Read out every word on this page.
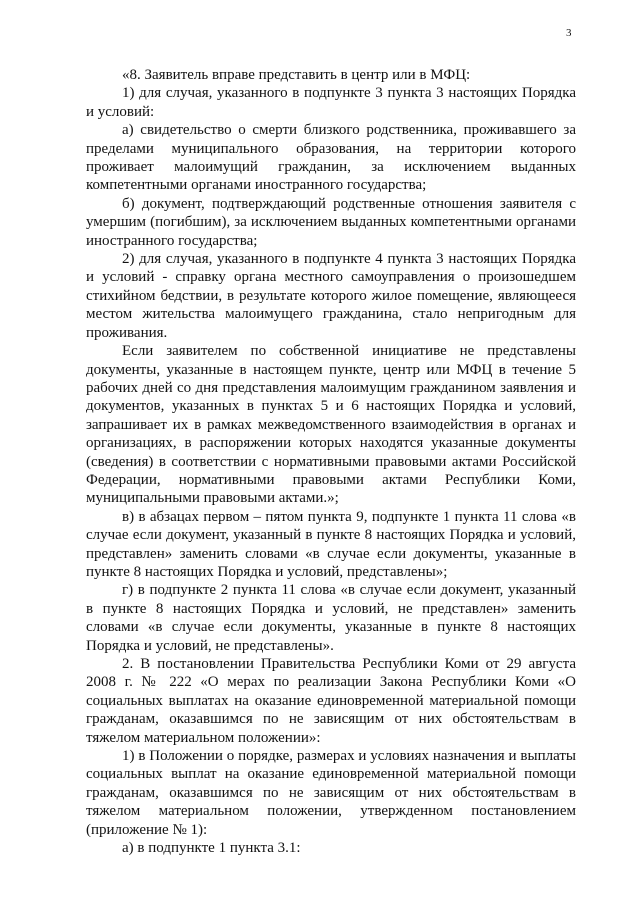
3

«8. Заявитель вправе представить в центр или в МФЦ:

1) для случая, указанного в подпункте 3 пункта 3 настоящих Порядка и условий:

а) свидетельство о смерти близкого родственника, проживавшего за пределами муниципального образования, на территории которого проживает малоимущий гражданин, за исключением выданных компетентными органами иностранного государства;

б) документ, подтверждающий родственные отношения заявителя с умершим (погибшим), за исключением выданных компетентными органами иностранного государства;

2) для случая, указанного в подпункте 4 пункта 3 настоящих Порядка и условий - справку органа местного самоуправления о произошедшем стихийном бедствии, в результате которого жилое помещение, являющееся местом жительства малоимущего гражданина, стало непригодным для проживания.

Если заявителем по собственной инициативе не представлены документы, указанные в настоящем пункте, центр или МФЦ в течение 5 рабочих дней со дня представления малоимущим гражданином заявления и документов, указанных в пунктах 5 и 6 настоящих Порядка и условий, запрашивает их в рамках межведомственного взаимодействия в органах и организациях, в распоряжении которых находятся указанные документы (сведения) в соответствии с нормативными правовыми актами Российской Федерации, нормативными правовыми актами Республики Коми, муниципальными правовыми актами.»;

в) в абзацах первом – пятом пункта 9, подпункте 1 пункта 11 слова «в случае если документ, указанный в пункте 8 настоящих Порядка и условий, представлен» заменить словами «в случае если документы, указанные в пункте 8 настоящих Порядка и условий, представлены»;

г) в подпункте 2 пункта 11 слова «в случае если документ, указанный в пункте 8 настоящих Порядка и условий, не представлен» заменить словами «в случае если документы, указанные в пункте 8 настоящих Порядка и условий, не представлены».

2. В постановлении Правительства Республики Коми от 29 августа 2008 г. № 222 «О мерах по реализации Закона Республики Коми «О социальных выплатах на оказание единовременной материальной помощи гражданам, оказавшимся по не зависящим от них обстоятельствам в тяжелом материальном положении»:

1) в Положении о порядке, размерах и условиях назначения и выплаты социальных выплат на оказание единовременной материальной помощи гражданам, оказавшимся по не зависящим от них обстоятельствам в тяжелом материальном положении, утвержденном постановлением (приложение № 1):

а) в подпункте 1 пункта 3.1:
